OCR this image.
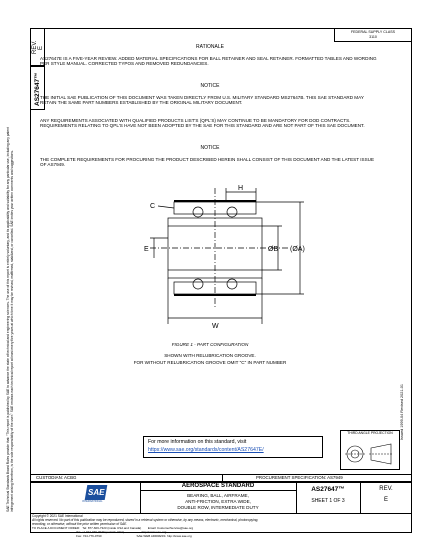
REV. E
AS27647™
SAE Technical Standards Board Rules provide that: "This report is published by SAE to advance the state of technical and engineering sciences. The use of this report is entirely voluntary, and its applicability and suitability for any particular use, including any patent infringement arising therefrom, is the sole responsibility of the user." SAE reviews each technical report at least every five years at which time it may be revised, reaffirmed, stabilized, or cancelled. SAE invites your written comments and suggestions.	Issued 1999-04 Revised 2021-01
FEDERAL SUPPLY CLASS
3110
RATIONALE
AS27647E IS A FIVE-YEAR REVIEW. ADDED MATERIAL SPECIFICATIONS FOR BALL RETAINER AND SEAL RETAINER. FORMATTED TABLES AND WORDING PER STYLE MANUAL. CORRECTED TYPOS AND REMOVED REDUNDANCIES.
NOTICE
THE INITIAL SAE PUBLICATION OF THIS DOCUMENT WAS TAKEN DIRECTLY FROM U.S. MILITARY STANDARD MS27647B. THIS SAE STANDARD MAY RETAIN THE SAME PART NUMBERS ESTABLISHED BY THE ORIGINAL MILITARY DOCUMENT.
ANY REQUIREMENTS ASSOCIATED WITH QUALIFIED PRODUCTS LIST'S (QPL'S) MAY CONTINUE TO BE MANDATORY FOR DOD CONTRACTS. REQUIREMENTS RELATING TO QPL'S HAVE NOT BEEN ADOPTED BY THE SAE FOR THIS STANDARD AND ARE NOT PART OF THIS SAE DOCUMENT.
NOTICE
THE COMPLETE REQUIREMENTS FOR PROCURING THE PRODUCT DESCRIBED HEREIN SHALL CONSIST OF THIS DOCUMENT AND THE LATEST ISSUE OF AS7949.
H
C
E	ØB (ØA)
W
FIGURE 1 - PART CONFIGURATION
SHOWN WITH RELUBRICATION GROOVE.
FOR WITHOUT RELUBRICATION GROOVE OMIT "C" IN PART NUMBER
For more information on this standard, visit
https://www.sae.org/standards/content/AS27647E/
THIRD ANGLE PROJECTION
CUSTODIAN: ACBG	PROCUREMENT SPECIFICATION: AS7949
SAE
INTERNATIONAL
AEROSPACE STANDARD
BEARING, BALL, AIRFRAME,
ANTI-FRICTION, EXTRA WIDE,
DOUBLE ROW, INTERMEDIATE DUTY
AS27647™
SHEET 1 OF 3
REV.
E
Copyright © 2021 SAE International
All rights reserved. No part of this publication may be reproduced, stored in a retrieval system or otherwise, by any means, electronic, mechanical, photocopying,
recording, or otherwise, without the prior written permission of SAE.
TO PLACE A DOCUMENT ORDER:   Tel: 877-606-7323 (inside USA and Canada)        Email: CustomerService@sae.org
Tel: +1 724-776-4970 (outside USA)                     http://www.sae.org
Fax: 724-776-0790                                          SAE WEB ADDRESS: http://www.sae.org
